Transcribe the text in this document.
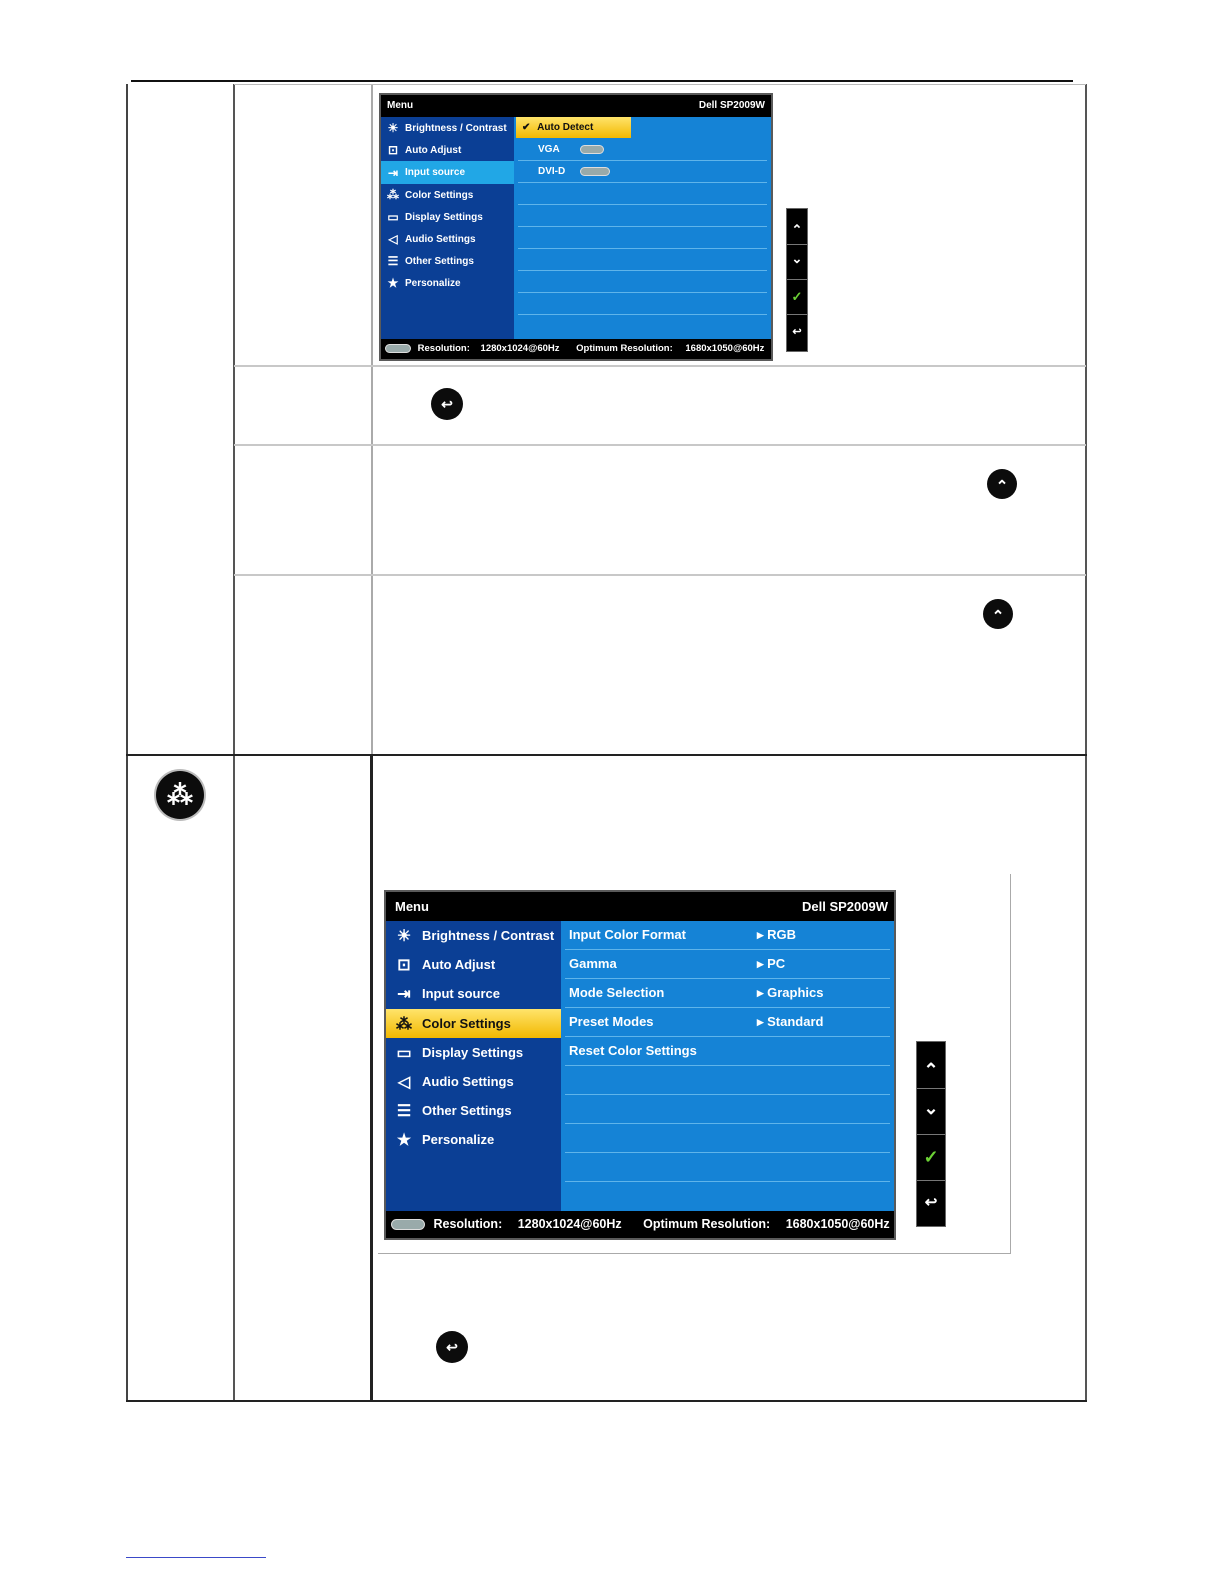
Menu	Dell SP2009W
☀ Brightness / Contrast
⊡ Auto Adjust
⇥ Input source
⁂ Color Settings
▭ Display Settings
◁ Audio Settings
☰ Other Settings
★ Personalize
✔ Auto Detect
VGA
DVI-D
Resolution: 1280x1024@60Hz Optimum Resolution: 1680x1050@60Hz
⌃
⌄
✓
↩
↩
⌃
⌃
⁂
Menu	Dell SP2009W
☀ Brightness / Contrast
⊡ Auto Adjust
⇥ Input source
⁂ Color Settings
▭ Display Settings
◁ Audio Settings
☰ Other Settings
★ Personalize
Input Color Format	▸ RGB
Gamma	▸ PC
Mode Selection	▸ Graphics
Preset Modes	▸ Standard
Reset Color Settings
Resolution: 1280x1024@60Hz Optimum Resolution: 1680x1050@60Hz
⌃
⌄
✓
↩
↩
